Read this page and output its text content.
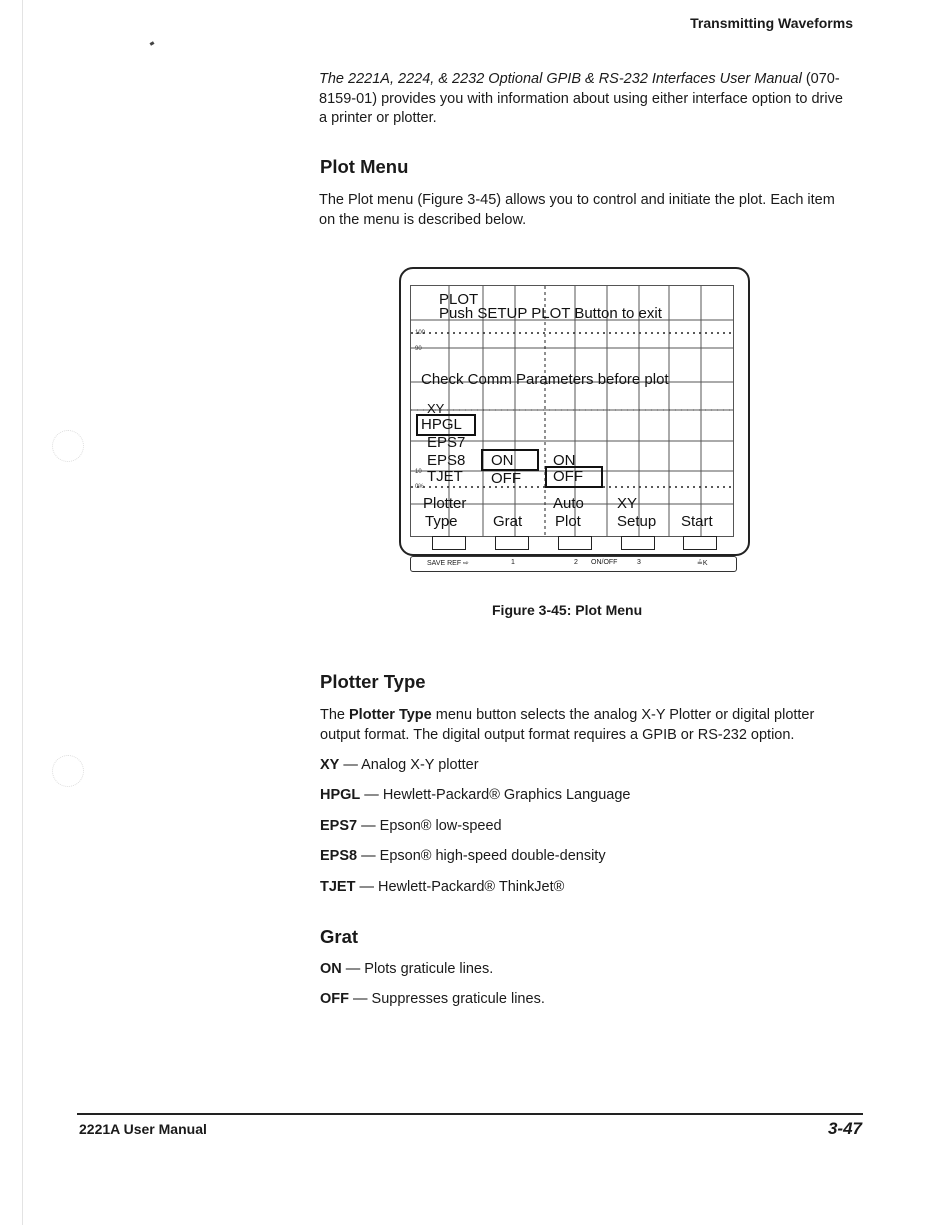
Transmitting Waveforms

The 2221A, 2224, & 2232 Optional GPIB & RS-232 Interfaces User Manual (070-8159-01) provides you with information about using either interface option to drive a printer or plotter.

Plot Menu

The Plot menu (Figure 3-45) allows you to control and initiate the plot. Each item on the menu is described below.

100
90
10
0%
PLOT
Push SETUP PLOT Button to exit
Check Comm Parameters before plot
XY
HPGL
EPS7
EPS8
TJET
ON
OFF
ON
OFF
Plotter
Type Grat
Auto
Plot
XY
Setup Start
SAVE REF ⇨	1	2 ON/OFF	3	≟K
Figure 3-45: Plot Menu
Plotter Type

The Plotter Type menu button selects the analog X-Y Plotter or digital plotter output format. The digital output format requires a GPIB or RS-232 option.

XY — Analog X-Y plotter
HPGL — Hewlett-Packard® Graphics Language
EPS7 — Epson® low-speed
EPS8 — Epson® high-speed double-density
TJET — Hewlett-Packard® ThinkJet®
Grat
ON — Plots graticule lines.
OFF — Suppresses graticule lines.
2221A User Manual	3-47
